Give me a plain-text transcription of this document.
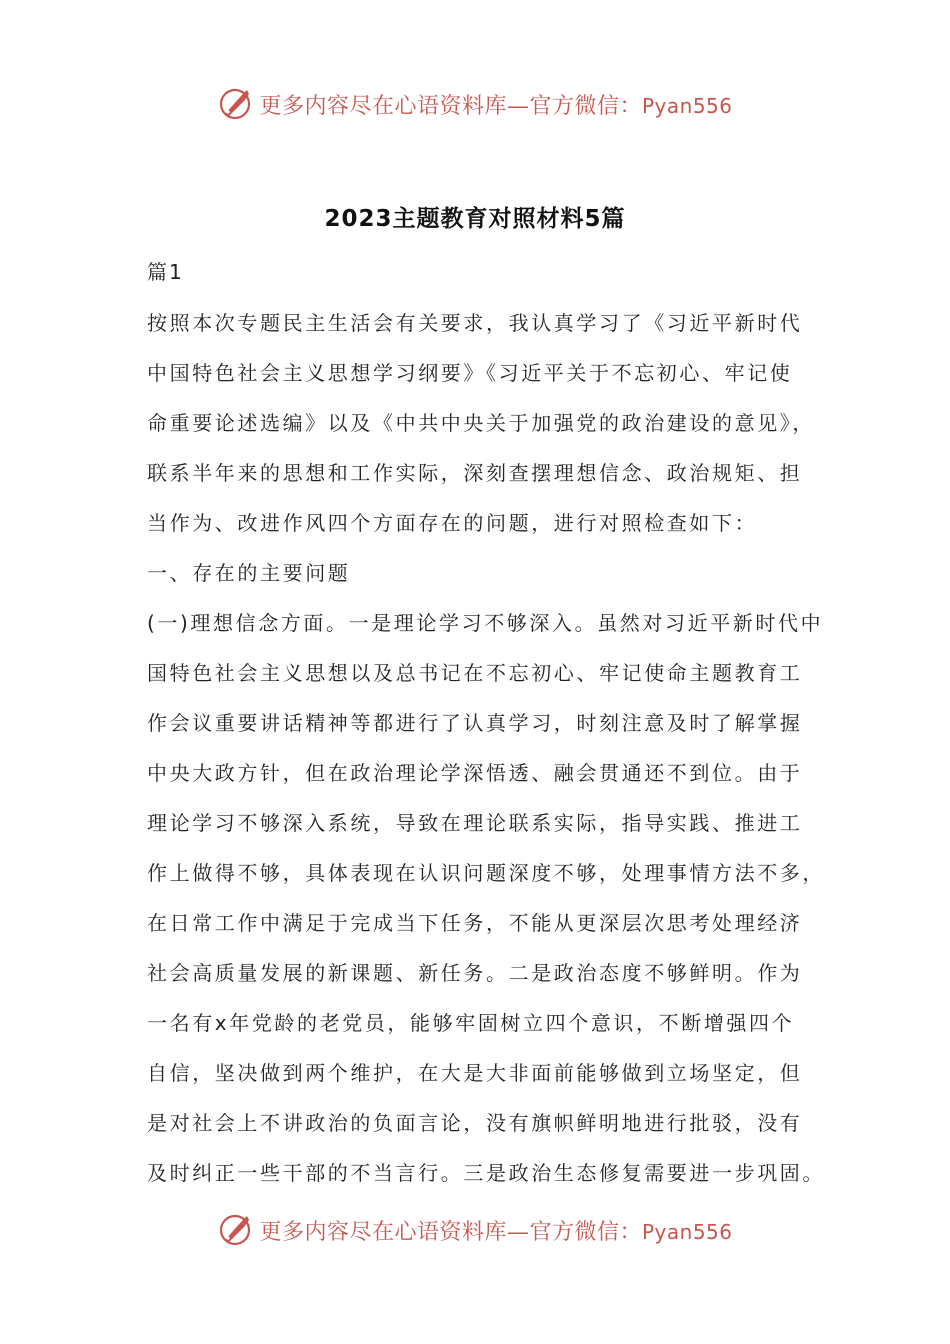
更多内容尽在心语资料库—官方微信：Pyan556
2023主题教育对照材料5篇
篇1
按照本次专题民主生活会有关要求，我认真学习了《习近平新时代
中国特色社会主义思想学习纲要》《习近平关于不忘初心、牢记使
命重要论述选编》以及《中共中央关于加强党的政治建设的意见》，
联系半年来的思想和工作实际，深刻查摆理想信念、政治规矩、担
当作为、改进作风四个方面存在的问题，进行对照检查如下：
一、存在的主要问题
(一)理想信念方面。一是理论学习不够深入。虽然对习近平新时代中
国特色社会主义思想以及总书记在不忘初心、牢记使命主题教育工
作会议重要讲话精神等都进行了认真学习，时刻注意及时了解掌握
中央大政方针，但在政治理论学深悟透、融会贯通还不到位。由于
理论学习不够深入系统，导致在理论联系实际，指导实践、推进工
作上做得不够，具体表现在认识问题深度不够，处理事情方法不多，
在日常工作中满足于完成当下任务，不能从更深层次思考处理经济
社会高质量发展的新课题、新任务。二是政治态度不够鲜明。作为
一名有x年党龄的老党员，能够牢固树立四个意识，不断增强四个
自信，坚决做到两个维护，在大是大非面前能够做到立场坚定，但
是对社会上不讲政治的负面言论，没有旗帜鲜明地进行批驳，没有
及时纠正一些干部的不当言行。三是政治生态修复需要进一步巩固。
更多内容尽在心语资料库—官方微信：Pyan556
